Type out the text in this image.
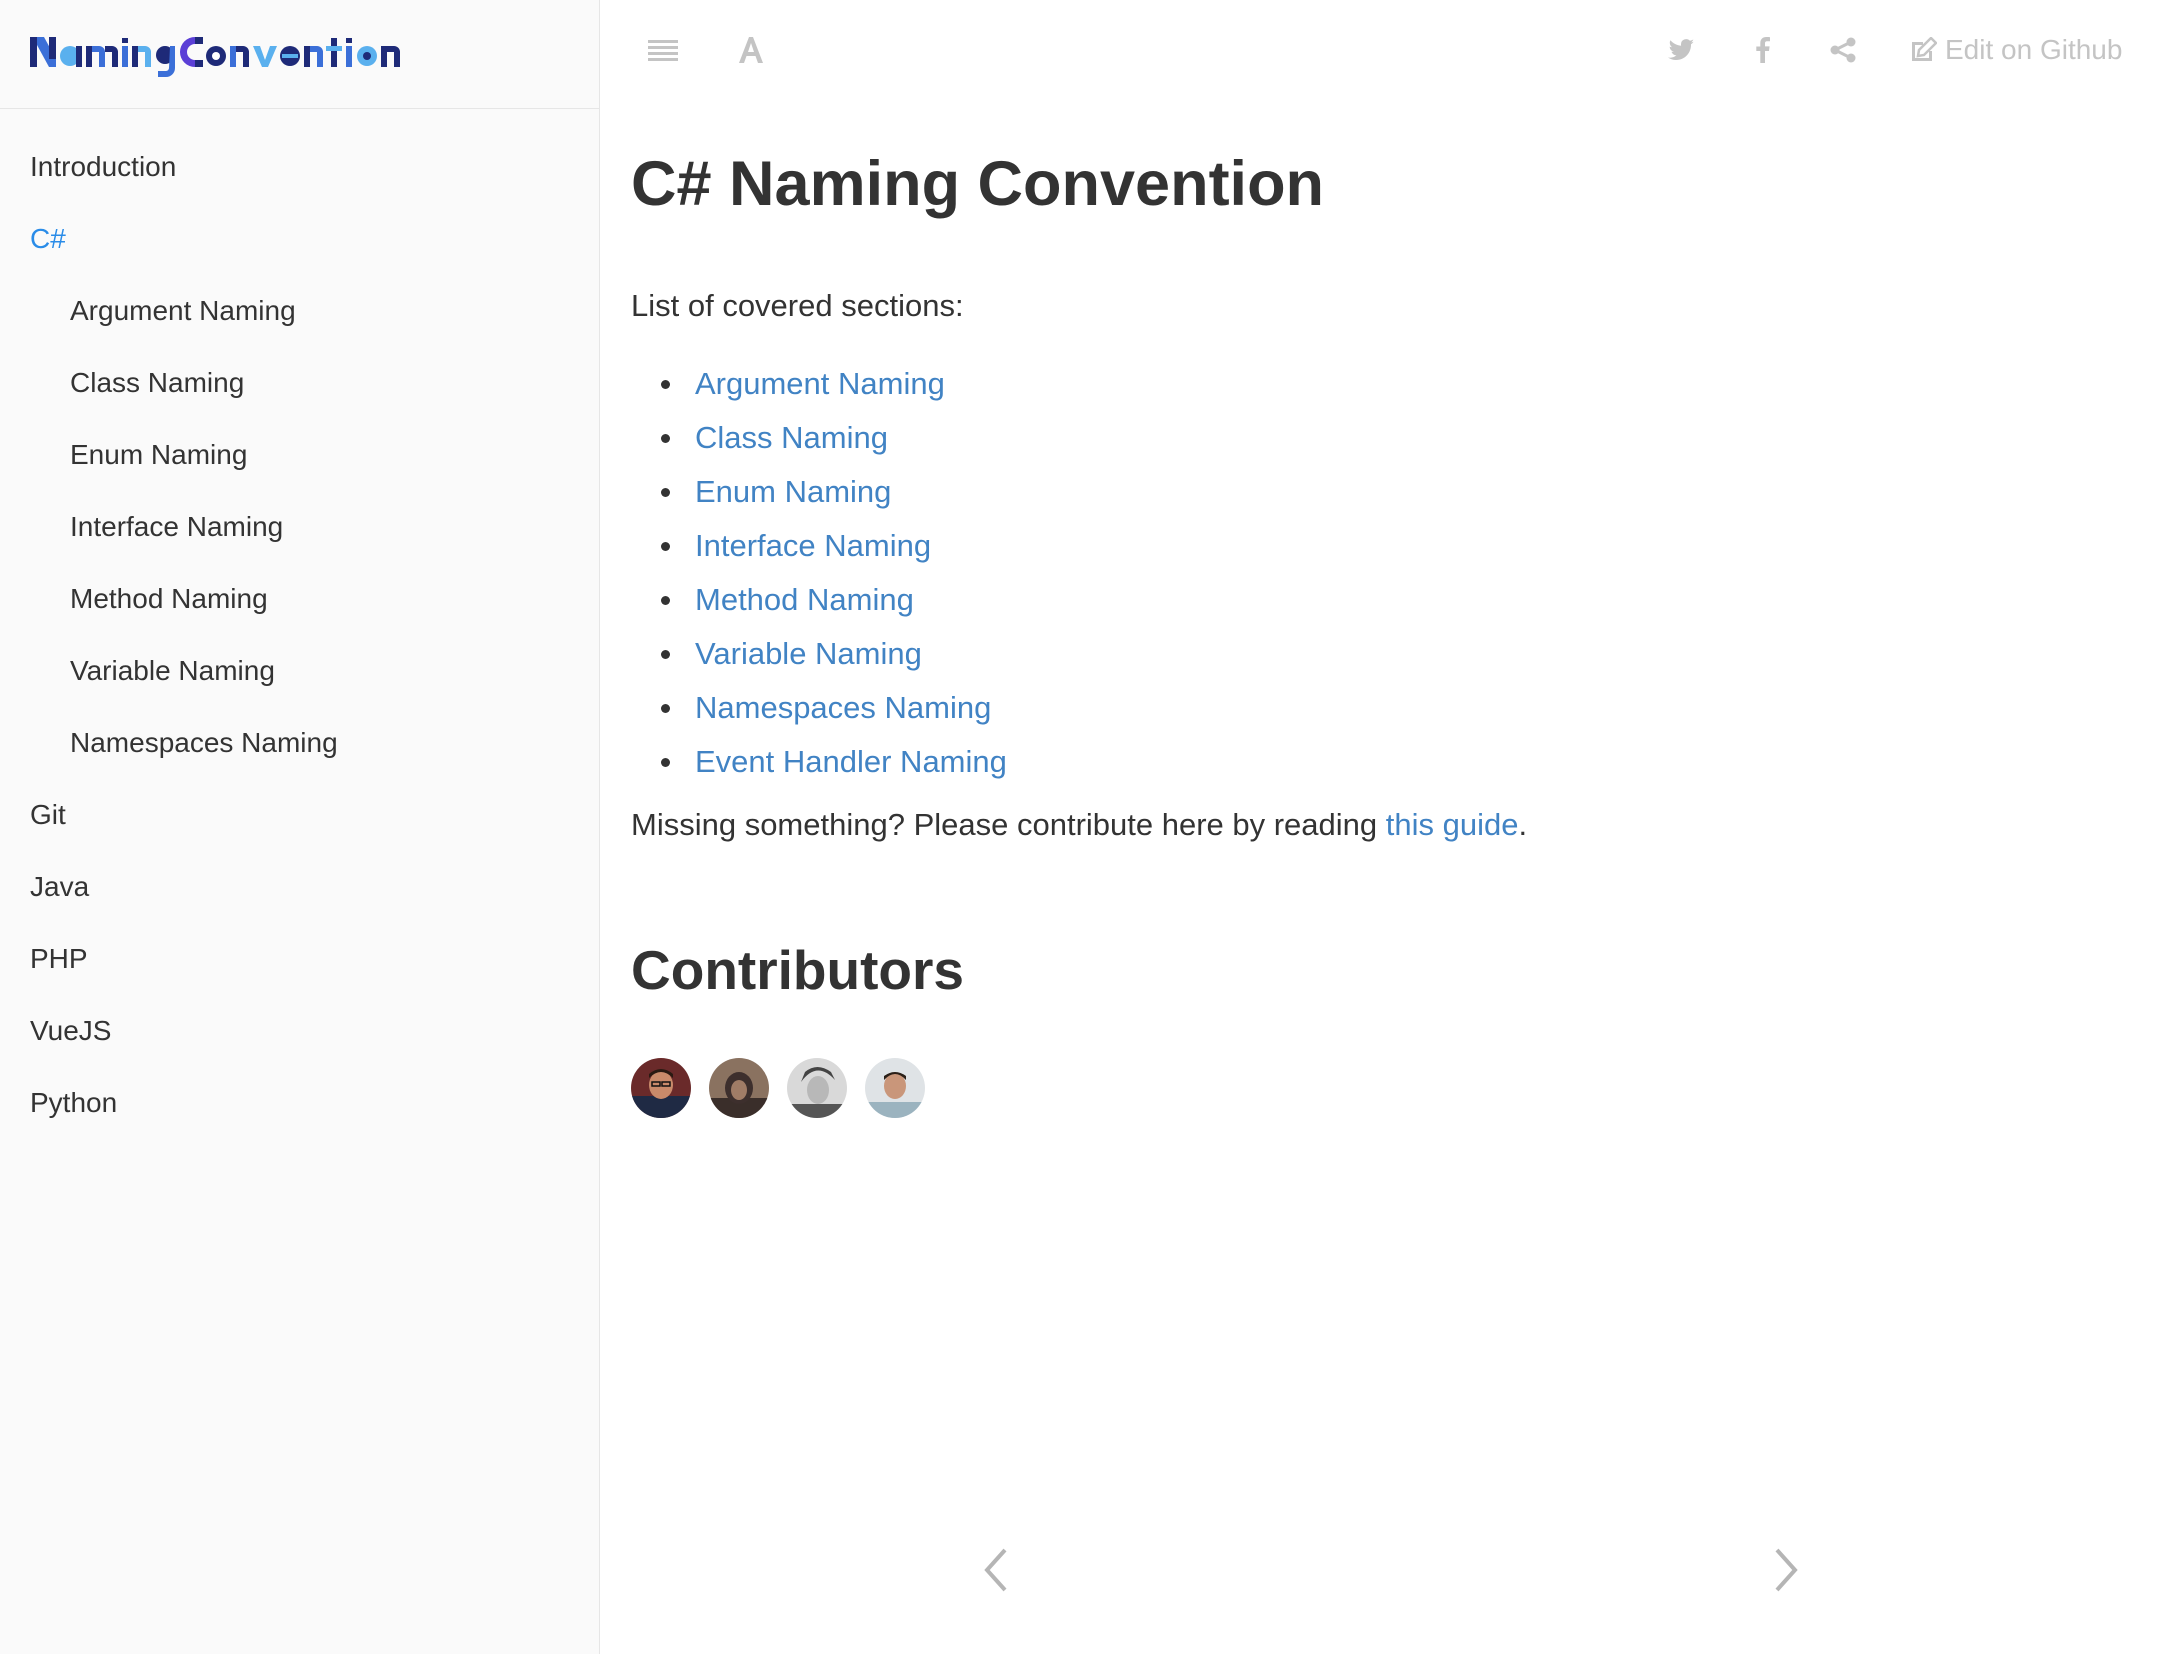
Introduction
C#
Argument Naming
Class Naming
Enum Naming
Interface Naming
Method Naming
Variable Naming
Namespaces Naming
Git
Java
PHP
VueJS
Python
Edit on Github
C# Naming Convention

List of covered sections:

Argument Naming
Class Naming
Enum Naming
Interface Naming
Method Naming
Variable Naming
Namespaces Naming
Event Handler Naming

Missing something? Please contribute here by reading this guide.

Contributors
